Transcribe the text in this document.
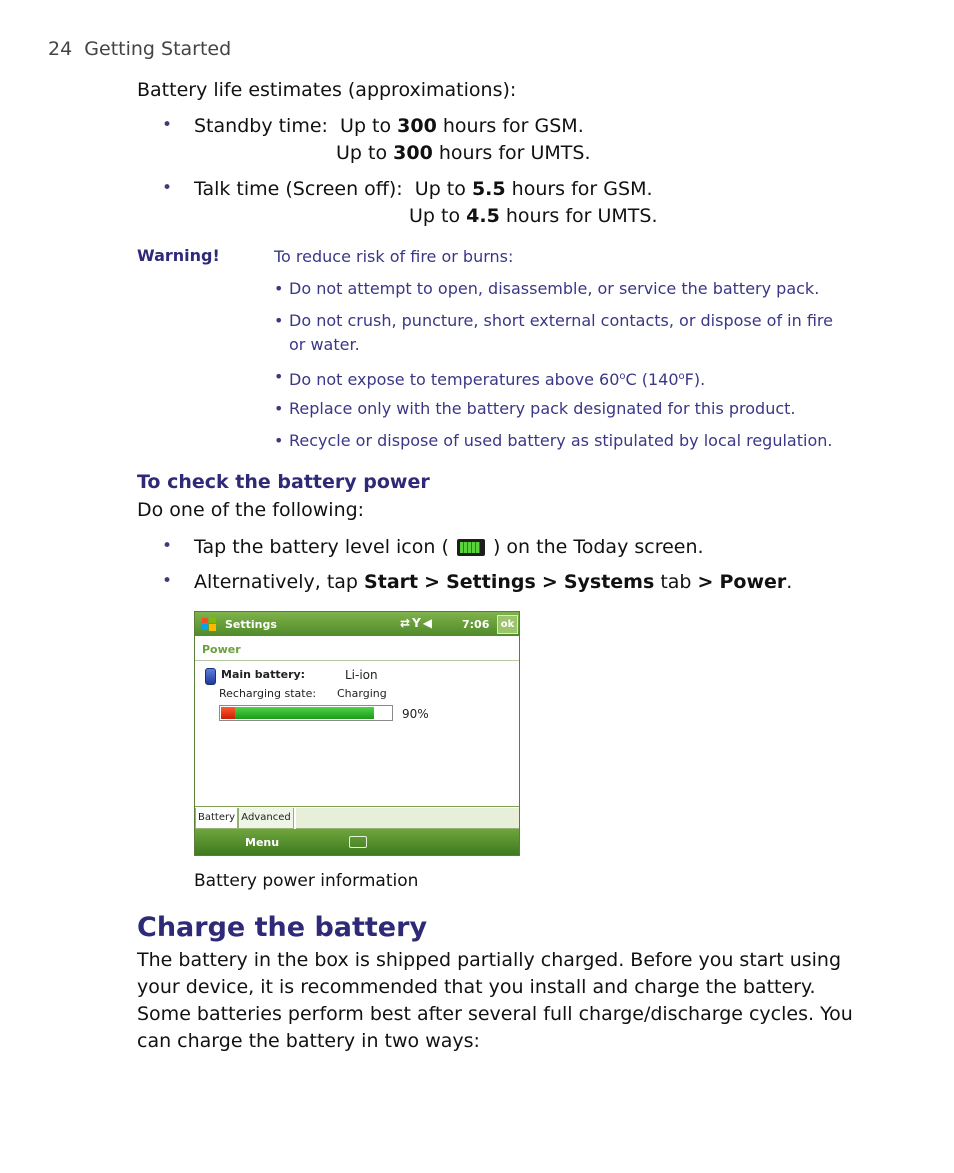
24 Getting Started
Battery life estimates (approximations):
• Standby time: Up to 300 hours for GSM.
Up to 300 hours for UMTS.
• Talk time (Screen off): Up to 5.5 hours for GSM.
Up to 4.5 hours for UMTS.
Warning!	To reduce risk of fire or burns:
• Do not attempt to open, disassemble, or service the battery pack.
• Do not crush, puncture, short external contacts, or dispose of in fire
or water.
• Do not expose to temperatures above 60$^o$C (140$^o$F).
• Replace only with the battery pack designated for this product.
• Recycle or dispose of used battery as stipulated by local regulation.
To check the battery power
Do one of the following:
• Tap the battery level icon ( ) on the Today screen.
• Alternatively, tap Start > Settings > Systems tab > Power.
Settings	⇄Y◀	7:06	ok
Power
Main battery:	Li-ion
Recharging state: Charging
90%
Battery Advanced
Menu
Battery power information
Charge the battery
The battery in the box is shipped partially charged. Before you start using
your device, it is recommended that you install and charge the battery.
Some batteries perform best after several full charge/discharge cycles. You
can charge the battery in two ways:
